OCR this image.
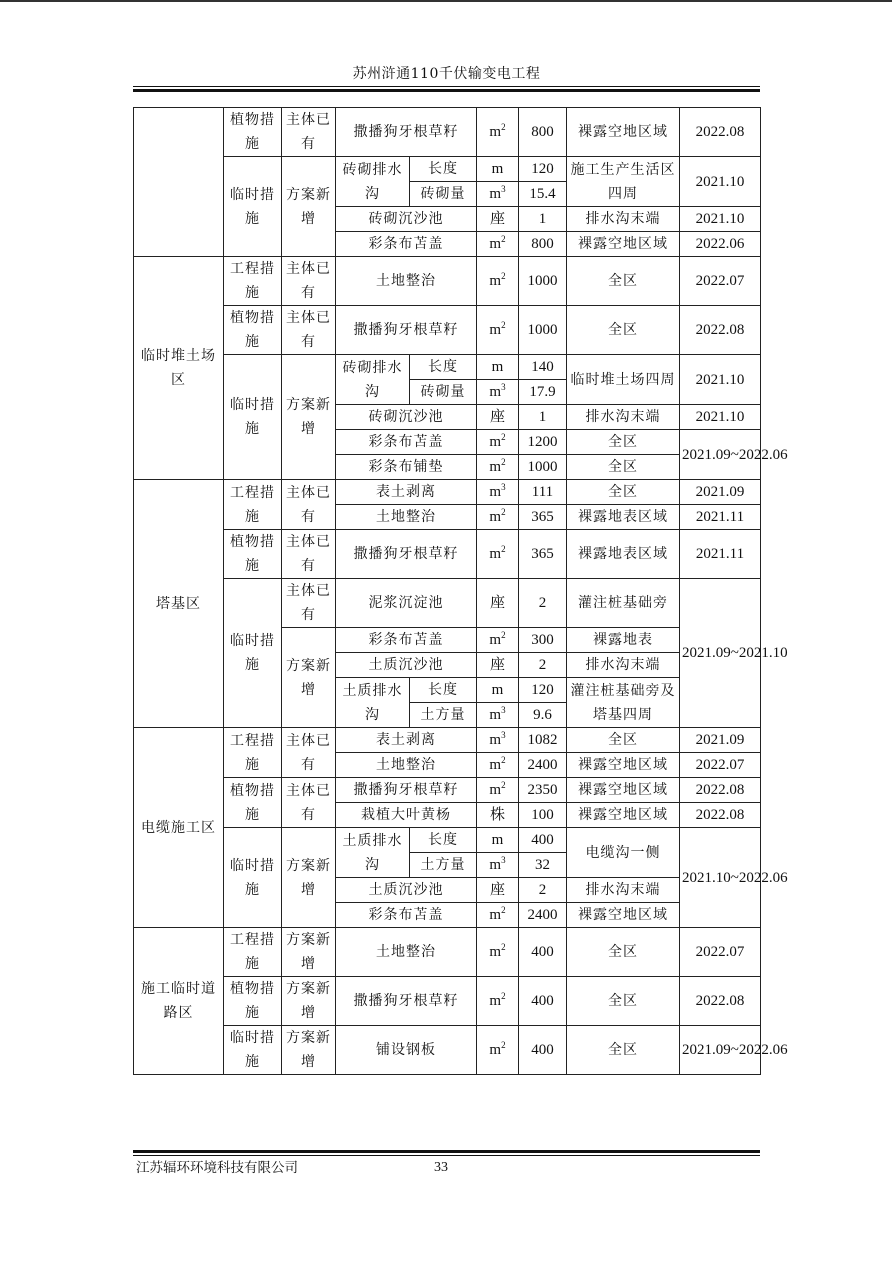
苏州浒通110千伏输变电工程
	植物措施	主体已有	撒播狗牙根草籽		$m^2$	800	裸露空地区域	2022.08

	临时措施	方案新增	砖砌排水沟	长度	m	120	施工生产生活区四周	2021.10
				砖砌量	$m^3$	15.4		
			砖砌沉沙池		座	1	排水沟末端	2021.10
			彩条布苫盖		$m^2$	800	裸露空地区域	2022.06
临时堆土场区	工程措施	主体已有	土地整治		$m^2$	1000	全区	2022.07

	植物措施	主体已有	撒播狗牙根草籽		$m^2$	1000	全区	2022.08

	临时措施	方案新增	砖砌排水沟	长度	m	140	临时堆土场四周	2021.10
				砖砌量	$m^3$	17.9		
			砖砌沉沙池		座	1	排水沟末端	2021.10
			彩条布苫盖		$m^2$	1200	全区	2021.09~2022.06
			彩条布铺垫		$m^2$	1000	全区	
塔基区	工程措施	主体已有	表土剥离		$m^3$	111	全区	2021.09
			土地整治		$m^2$	365	裸露地表区域	2021.11
	植物措施	主体已有	撒播狗牙根草籽		$m^2$	365	裸露地表区域	2021.11

	临时措施	主体已有	泥浆沉淀池		座	2	灌注桩基础旁	2021.09~2021.10

		方案新增	彩条布苫盖		$m^2$	300	裸露地表	
			土质沉沙池		座	2	排水沟末端	
			土质排水沟	长度	m	120	灌注桩基础旁及塔基四周	
				土方量	$m^3$	9.6		
电缆施工区	工程措施	主体已有	表土剥离		$m^3$	1082	全区	2021.09
			土地整治		$m^2$	2400	裸露空地区域	2022.07
	植物措施	主体已有	撒播狗牙根草籽		$m^2$	2350	裸露空地区域	2022.08
			栽植大叶黄杨		株	100	裸露空地区域	2022.08
	临时措施	方案新增	土质排水沟	长度	m	400	电缆沟一侧	2021.10~2022.06
				土方量	$m^3$	32		
			土质沉沙池		座	2	排水沟末端	
			彩条布苫盖		$m^2$	2400	裸露空地区域	
施工临时道路区	工程措施	方案新增	土地整治		$m^2$	400	全区	2022.07

	植物措施	方案新增	撒播狗牙根草籽		$m^2$	400	全区	2022.08

	临时措施	方案新增	铺设钢板		$m^2$	400	全区	2021.09~2022.06

江苏辐环环境科技有限公司	33
